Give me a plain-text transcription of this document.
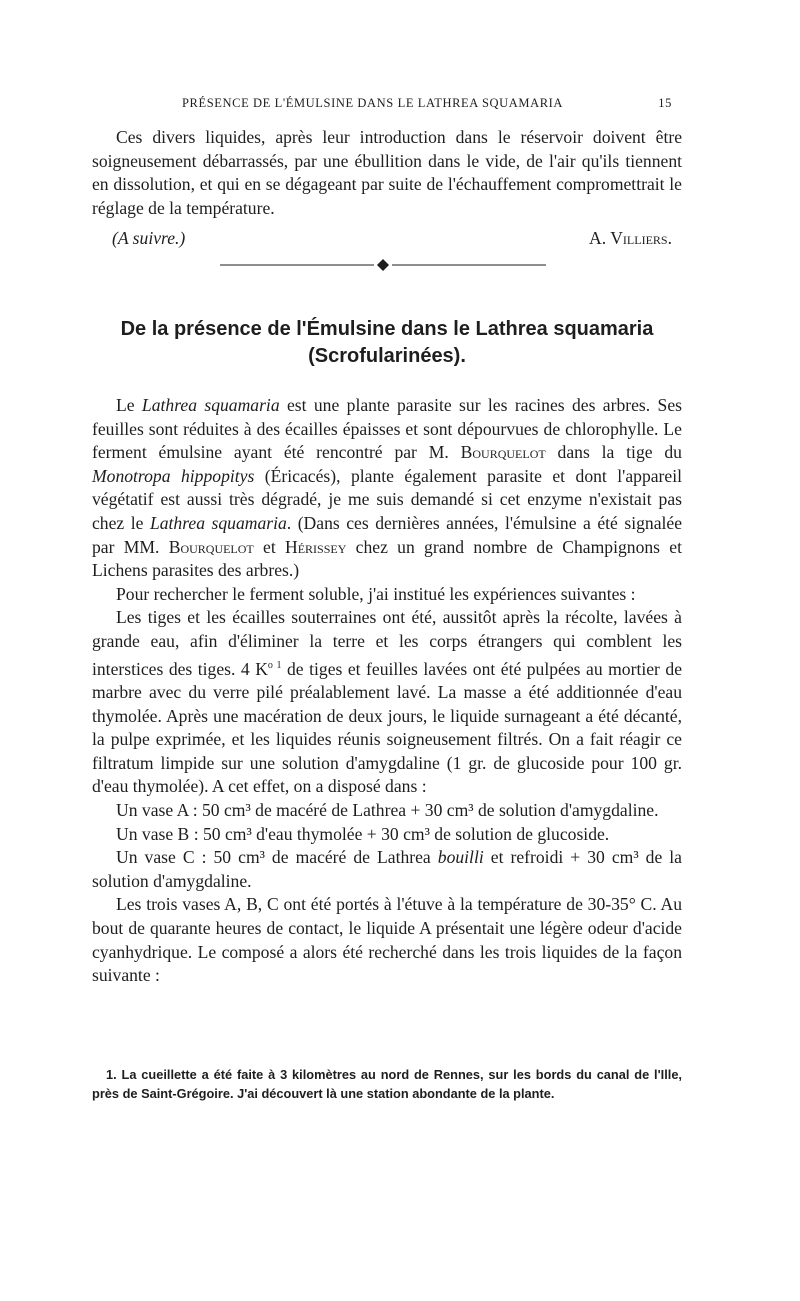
PRÉSENCE DE L'ÉMULSINE DANS LE LATHREA SQUAMARIA	15

Ces divers liquides, après leur introduction dans le réservoir doivent être soigneusement débarrassés, par une ébullition dans le vide, de l'air qu'ils tiennent en dissolution, et qui en se dégageant par suite de l'échauffement compromettrait le réglage de la température.

(A suivre.)	A. Villiers.
De la présence de l'Émulsine dans le Lathrea squamaria
(Scrofularinées).

Le Lathrea squamaria est une plante parasite sur les racines des arbres. Ses feuilles sont réduites à des écailles épaisses et sont dépourvues de chlorophylle. Le ferment émulsine ayant été rencontré par M. Bourquelot dans la tige du Monotropa hippopitys (Éricacés), plante également parasite et dont l'appareil végétatif est aussi très dégradé, je me suis demandé si cet enzyme n'existait pas chez le Lathrea squamaria. (Dans ces dernières années, l'émulsine a été signalée par MM. Bourquelot et Hérissey chez un grand nombre de Champignons et Lichens parasites des arbres.)

Pour rechercher le ferment soluble, j'ai institué les expériences suivantes :

Les tiges et les écailles souterraines ont été, aussitôt après la récolte, lavées à grande eau, afin d'éliminer la terre et les corps étrangers qui comblent les interstices des tiges. 4 $K^{o 1}$ de tiges et feuilles lavées ont été pulpées au mortier de marbre avec du verre pilé préalablement lavé. La masse a été additionnée d'eau thymolée. Après une macération de deux jours, le liquide surnageant a été décanté, la pulpe exprimée, et les liquides réunis soigneusement filtrés. On a fait réagir ce filtratum limpide sur une solution d'amygdaline (1 gr. de glucoside pour 100 gr. d'eau thymolée). A cet effet, on a disposé dans :

Un vase A : 50 cm³ de macéré de Lathrea + 30 cm³ de solution d'amygdaline.

Un vase B : 50 cm³ d'eau thymolée + 30 cm³ de solution de glucoside.

Un vase C : 50 cm³ de macéré de Lathrea bouilli et refroidi + 30 cm³ de la solution d'amygdaline.

Les trois vases A, B, C ont été portés à l'étuve à la température de 30-35° C. Au bout de quarante heures de contact, le liquide A présentait une légère odeur d'acide cyanhydrique. Le composé a alors été recherché dans les trois liquides de la façon suivante :

1. La cueillette a été faite à 3 kilomètres au nord de Rennes, sur les bords du canal de l'Ille, près de Saint-Grégoire. J'ai découvert là une station abondante de la plante.
